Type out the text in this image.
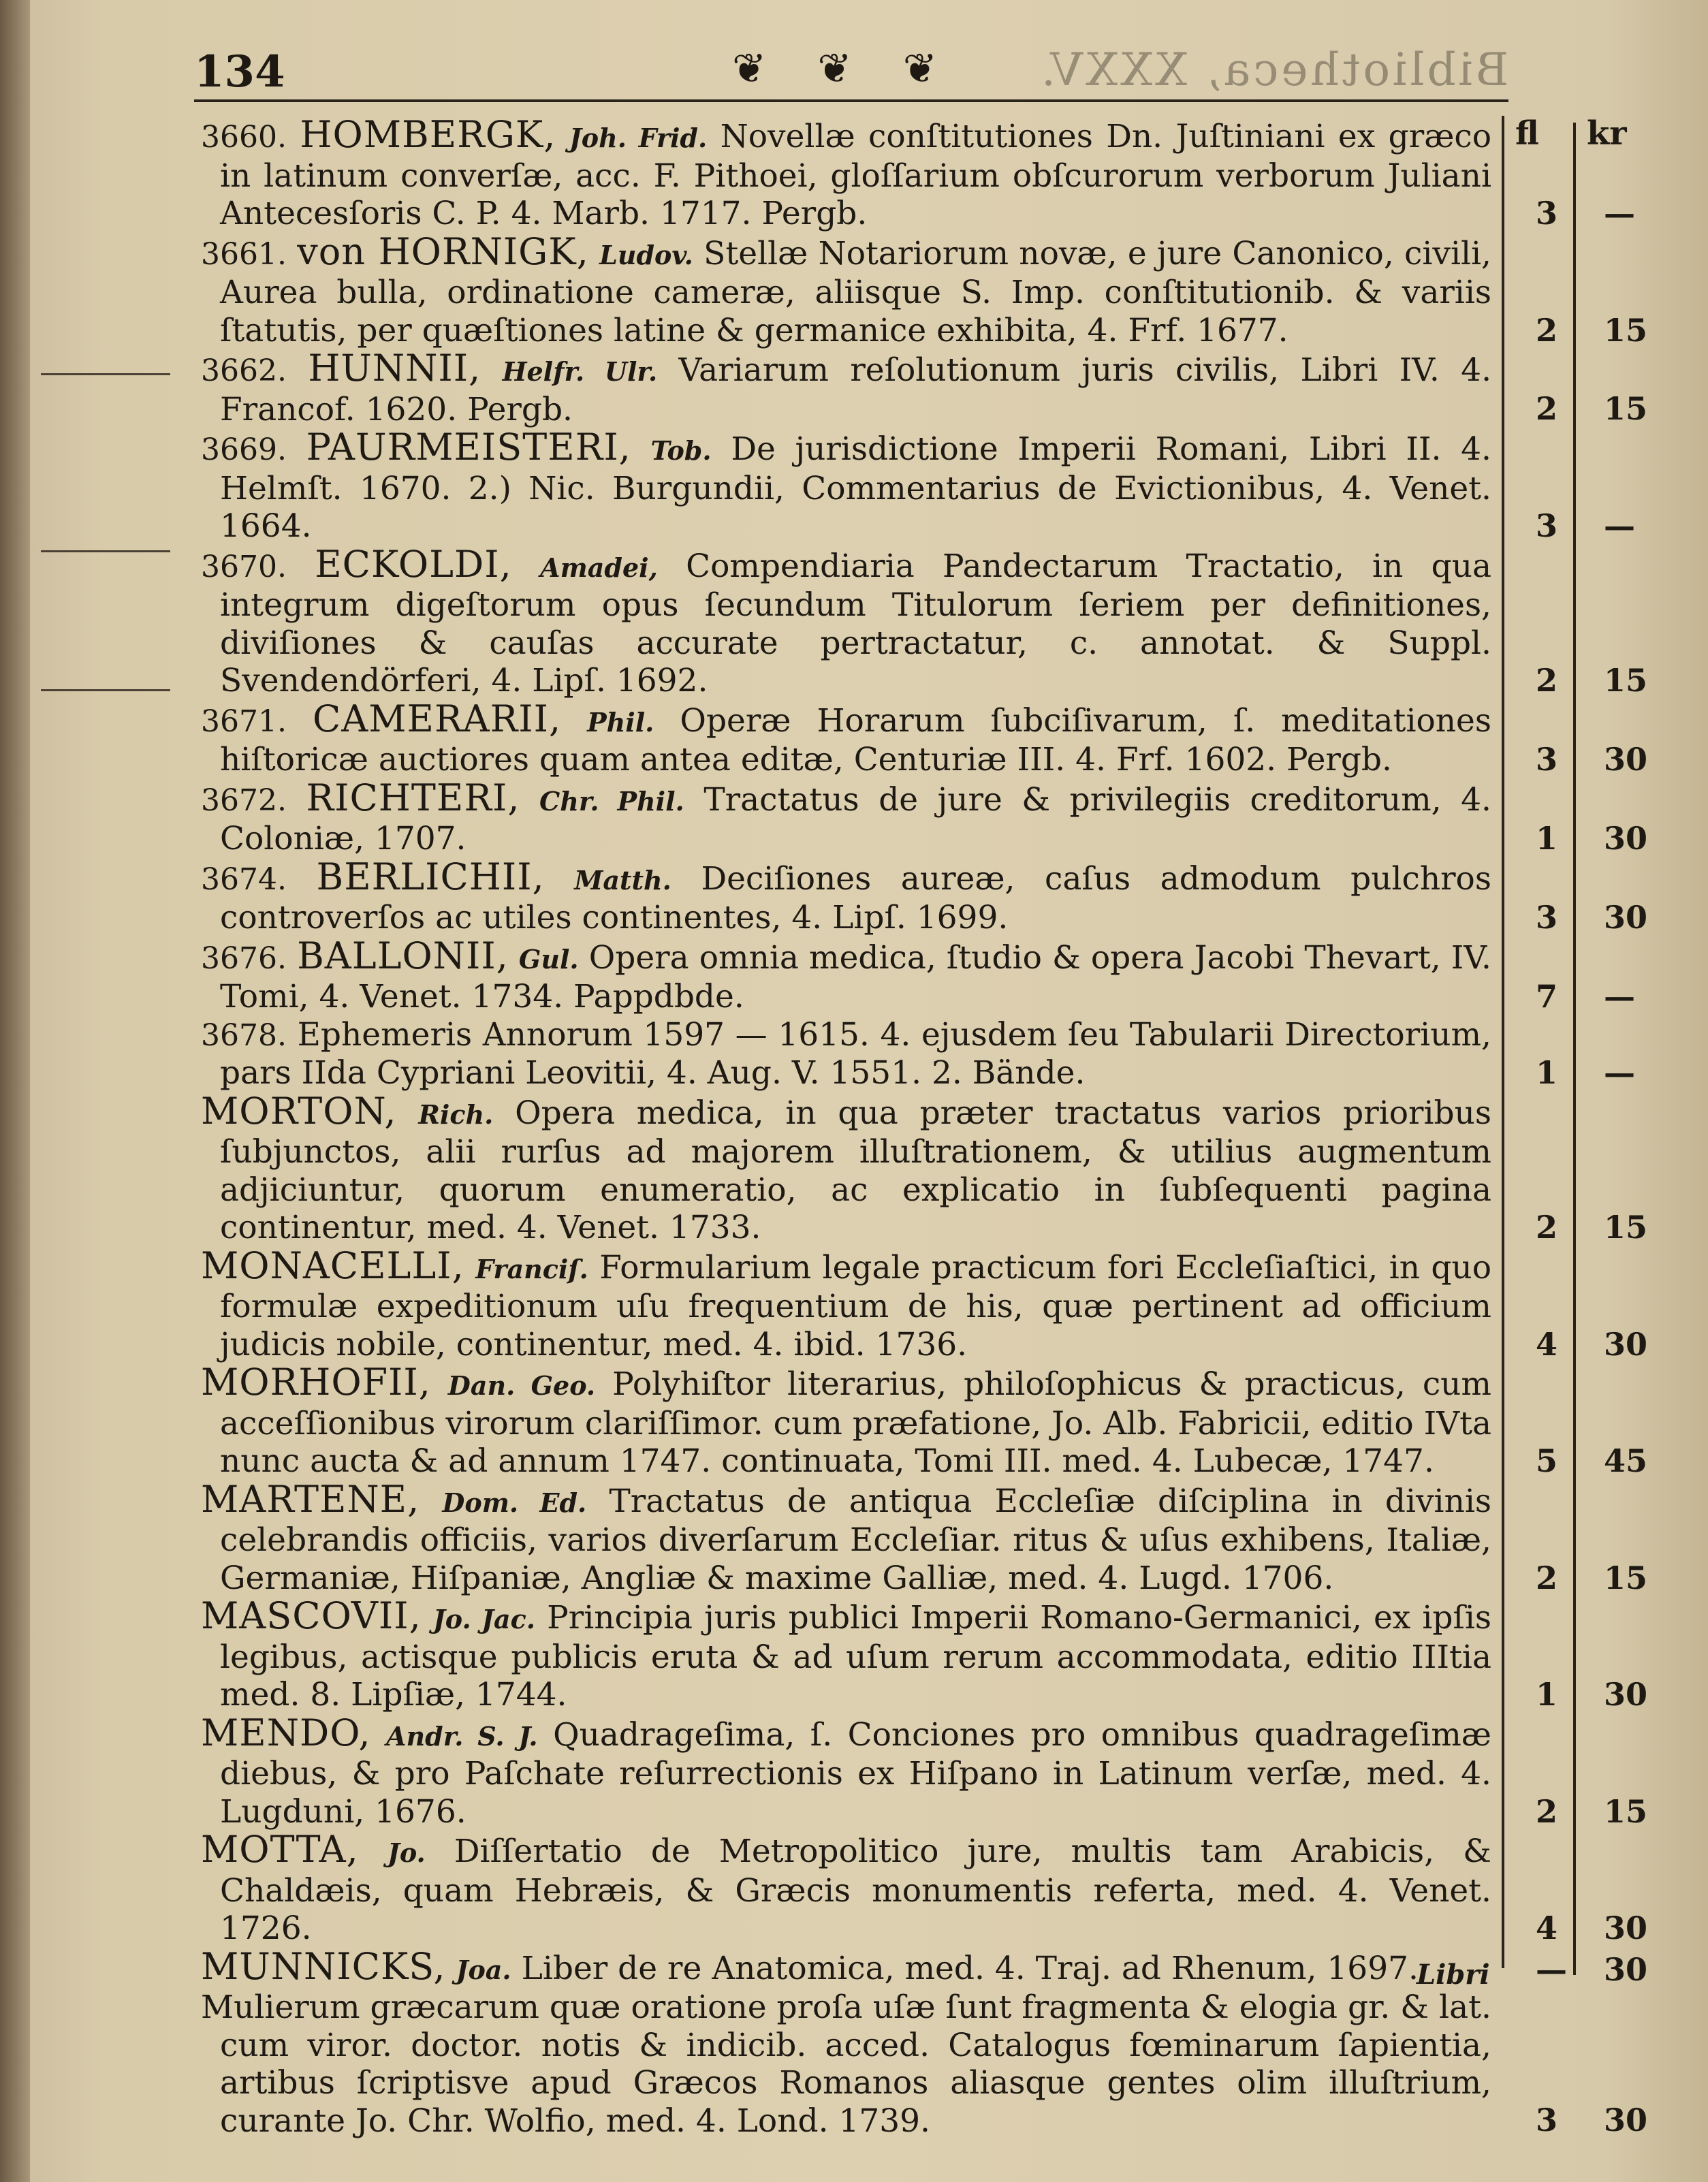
134	❦ ❦ ❦ Bibliotheca, XXXV.
fl kr
3660. HOMBERGK, Joh. Frid. Novellæ conſtitutiones Dn. Juſtiniani ex græco in latinum converſæ, acc. F. Pithoei, gloſſarium obſcurorum verborum Juliani Antecesſoris C. P. 4. Marb. 1717. Pergb.	3 —
3661. von HORNIGK, Ludov. Stellæ Notariorum novæ, e jure Canonico, civili, Aurea bulla, ordinatione cameræ, aliisque S. Imp. conſtitutionib. & variis ſtatutis, per quæſtiones latine & germanice exhibita, 4. Frf. 1677.	2 15
3662. HUNNII, Helfr. Ulr. Variarum reſolutionum juris civilis, Libri IV. 4. Francof. 1620. Pergb.	2 15
3669. PAURMEISTERI, Tob. De jurisdictione Imperii Romani, Libri II. 4. Helmſt. 1670. 2.) Nic. Burgundii, Commentarius de Evictionibus, 4. Venet. 1664.	3 —
3670. ECKOLDI, Amadei, Compendiaria Pandectarum Tractatio, in qua integrum digeſtorum opus ſecundum Titulorum ſeriem per definitiones, diviſiones & cauſas accurate pertractatur, c. annotat. & Suppl. Svendendörferi, 4. Lipſ. 1692.	2 15
3671. CAMERARII, Phil. Operæ Horarum ſubciſivarum, ſ. meditationes hiſtoricæ auctiores quam antea editæ, Centuriæ III. 4. Frf. 1602. Pergb.	3 30
3672. RICHTERI, Chr. Phil. Tractatus de jure & privilegiis creditorum, 4. Coloniæ, 1707.	1 30
3674. BERLICHII, Matth. Deciſiones aureæ, caſus admodum pulchros controverſos ac utiles continentes, 4. Lipſ. 1699.	3 30
3676. BALLONII, Gul. Opera omnia medica, ſtudio & opera Jacobi Thevart, IV. Tomi, 4. Venet. 1734. Pappdbde.	7 —
3678. Ephemeris Annorum 1597 — 1615. 4. ejusdem ſeu Tabularii Directorium, pars IIda Cypriani Leovitii, 4. Aug. V. 1551. 2. Bände.	1 —
MORTON, Rich. Opera medica, in qua præter tractatus varios prioribus ſubjunctos, alii rurſus ad majorem illuſtrationem, & utilius augmentum adjiciuntur, quorum enumeratio, ac explicatio in ſubſequenti pagina continentur, med. 4. Venet. 1733.	2 15
MONACELLI, Franciſ. Formularium legale practicum fori Eccleſiaſtici, in quo formulæ expeditionum uſu frequentium de his, quæ pertinent ad officium judicis nobile, continentur, med. 4. ibid. 1736.	4 30
MORHOFII, Dan. Geo. Polyhiſtor literarius, philoſophicus & practicus, cum acceſſionibus virorum clariſſimor. cum præfatione, Jo. Alb. Fabricii, editio IVta nunc aucta & ad annum 1747. continuata, Tomi III. med. 4. Lubecæ, 1747.	5 45
MARTENE, Dom. Ed. Tractatus de antiqua Eccleſiæ diſciplina in divinis celebrandis officiis, varios diverſarum Eccleſiar. ritus & uſus exhibens, Italiæ, Germaniæ, Hiſpaniæ, Angliæ & maxime Galliæ, med. 4. Lugd. 1706.	2 15
MASCOVII, Jo. Jac. Principia juris publici Imperii Romano-Germanici, ex ipſis legibus, actisque publicis eruta & ad uſum rerum accommodata, editio IIItia med. 8. Lipſiæ, 1744.	1 30
MENDO, Andr. S. J. Quadrageſima, ſ. Conciones pro omnibus quadrageſimæ diebus, & pro Paſchate reſurrectionis ex Hiſpano in Latinum verſæ, med. 4. Lugduni, 1676.	2 15
MOTTA, Jo. Diſſertatio de Metropolitico jure, multis tam Arabicis, & Chaldæis, quam Hebræis, & Græcis monumentis referta, med. 4. Venet. 1726.	4 30
MUNNICKS, Joa. Liber de re Anatomica, med. 4. Traj. ad Rhenum, 1697.	— 30
Mulierum græcarum quæ oratione proſa uſæ ſunt fragmenta & elogia gr. & lat. cum viror. doctor. notis & indicib. acced. Catalogus fœminarum ſapientia, artibus ſcriptisve apud Græcos Romanos aliasque gentes olim illuſtrium, curante Jo. Chr. Wolfio, med. 4. Lond. 1739.	3 30
Libri
